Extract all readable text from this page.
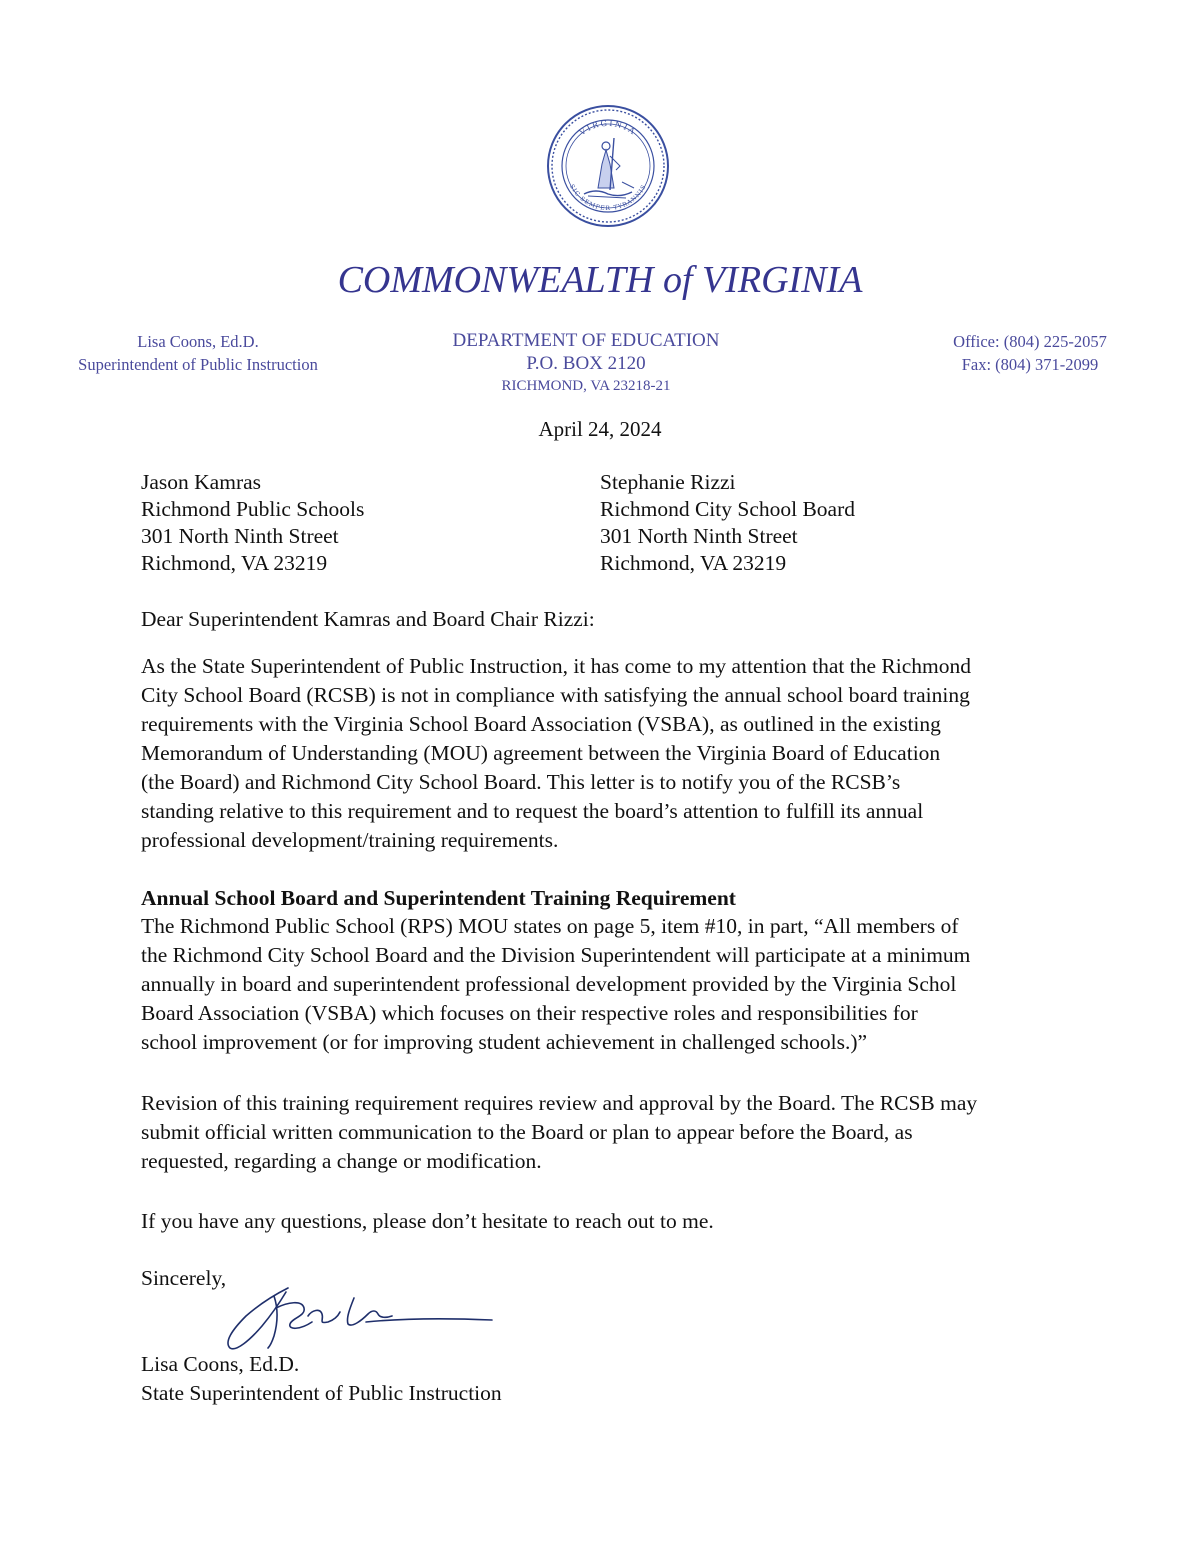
VIRGINIA
SIC SEMPER TYRANNIS
COMMONWEALTH of VIRGINIA
Lisa Coons, Ed.D.
Superintendent of Public Instruction
DEPARTMENT OF EDUCATION
P.O. BOX 2120
RICHMOND, VA 23218-21
Office: (804) 225-2057
Fax: (804) 371-2099
April 24, 2024
Jason Kamras
Richmond Public Schools
301 North Ninth Street
Richmond, VA 23219
Stephanie Rizzi
Richmond City School Board
301 North Ninth Street
Richmond, VA 23219
Dear Superintendent Kamras and Board Chair Rizzi:
As the State Superintendent of Public Instruction, it has come to my attention that the Richmond
City School Board (RCSB) is not in compliance with satisfying the annual school board training
requirements with the Virginia School Board Association (VSBA), as outlined in the existing
Memorandum of Understanding (MOU) agreement between the Virginia Board of Education
(the Board) and Richmond City School Board. This letter is to notify you of the RCSB’s
standing relative to this requirement and to request the board’s attention to fulfill its annual
professional development/training requirements.
Annual School Board and Superintendent Training Requirement
The Richmond Public School (RPS) MOU states on page 5, item #10, in part, “All members of
the Richmond City School Board and the Division Superintendent will participate at a minimum
annually in board and superintendent professional development provided by the Virginia Schol
Board Association (VSBA) which focuses on their respective roles and responsibilities for
school improvement (or for improving student achievement in challenged schools.)”
Revision of this training requirement requires review and approval by the Board. The RCSB may
submit official written communication to the Board or plan to appear before the Board, as
requested, regarding a change or modification.
If you have any questions, please don’t hesitate to reach out to me.
Sincerely,
Lisa Coons, Ed.D.
State Superintendent of Public Instruction
